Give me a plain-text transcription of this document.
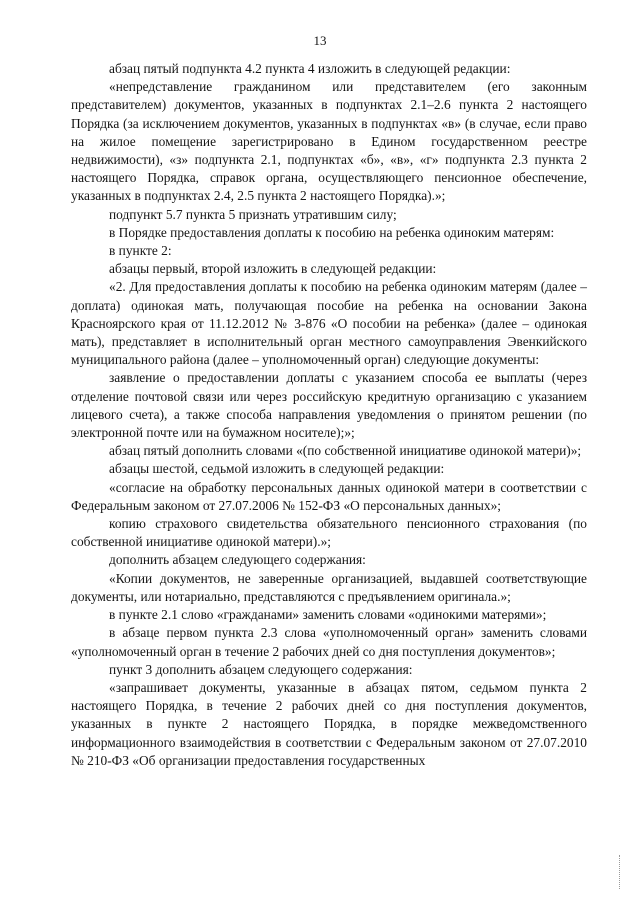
13

абзац пятый подпункта 4.2 пункта 4 изложить в следующей редакции:

«непредставление гражданином или представителем (его законным представителем) документов, указанных в подпунктах 2.1–2.6 пункта 2 настоящего Порядка (за исключением документов, указанных в подпунктах «в» (в случае, если право на жилое помещение зарегистрировано в Едином государственном реестре недвижимости), «з» подпункта 2.1, подпунктах «б», «в», «г» подпункта 2.3 пункта 2 настоящего Порядка, справок органа, осуществляющего пенсионное обеспечение, указанных в подпунктах 2.4, 2.5 пункта 2 настоящего Порядка).»;

подпункт 5.7 пункта 5 признать утратившим силу;

в Порядке предоставления доплаты к пособию на ребенка одиноким матерям:

в пункте 2:

абзацы первый, второй изложить в следующей редакции:

«2. Для предоставления доплаты к пособию на ребенка одиноким матерям (далее – доплата) одинокая мать, получающая пособие на ребенка на основании Закона Красноярского края от 11.12.2012 № 3-876 «О пособии на ребенка» (далее – одинокая мать), представляет в исполнительный орган местного самоуправления Эвенкийского муниципального района (далее – уполномоченный орган) следующие документы:

заявление о предоставлении доплаты с указанием способа ее выплаты (через отделение почтовой связи или через российскую кредитную организацию с указанием лицевого счета), а также способа направления уведомления о принятом решении (по электронной почте или на бумажном носителе);»;

абзац пятый дополнить словами «(по собственной инициативе одинокой матери)»;

абзацы шестой, седьмой изложить в следующей редакции:

«согласие на обработку персональных данных одинокой матери в соответствии с Федеральным законом от 27.07.2006 № 152-ФЗ «О персональных данных»;

копию страхового свидетельства обязательного пенсионного страхования (по собственной инициативе одинокой матери).»;

дополнить абзацем следующего содержания:

«Копии документов, не заверенные организацией, выдавшей соответствующие документы, или нотариально, представляются с предъявлением оригинала.»;

в пункте 2.1 слово «гражданами» заменить словами «одинокими матерями»;

в абзаце первом пункта 2.3 слова «уполномоченный орган» заменить словами «уполномоченный орган в течение 2 рабочих дней со дня поступления документов»;

пункт 3 дополнить абзацем следующего содержания:

«запрашивает документы, указанные в абзацах пятом, седьмом пункта 2 настоящего Порядка, в течение 2 рабочих дней со дня поступления документов, указанных в пункте 2 настоящего Порядка, в порядке межведомственного информационного взаимодействия в соответствии с Федеральным законом от 27.07.2010 № 210-ФЗ «Об организации предоставления государственных
